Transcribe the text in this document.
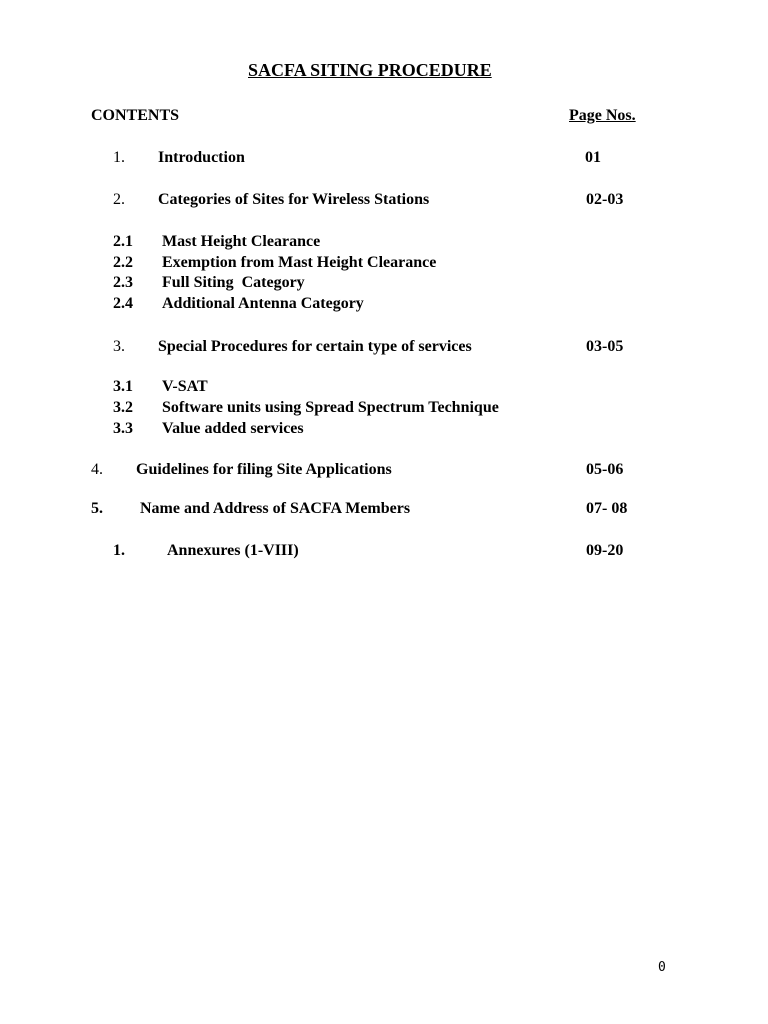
SACFA SITING PROCEDURE
CONTENTS	Page Nos.
1. Introduction	01
2. Categories of Sites for Wireless Stations	02-03
2.1 Mast Height Clearance
2.2 Exemption from Mast Height Clearance
2.3 Full Siting  Category
2.4 Additional Antenna Category
3. Special Procedures for certain type of services	03-05
3.1 V-SAT
3.2 Software units using Spread Spectrum Technique
3.3 Value added services
4. Guidelines for filing Site Applications	05-06
5. Name and Address of SACFA Members	07- 08
1.	Annexures (1-VIII)	09-20
0
